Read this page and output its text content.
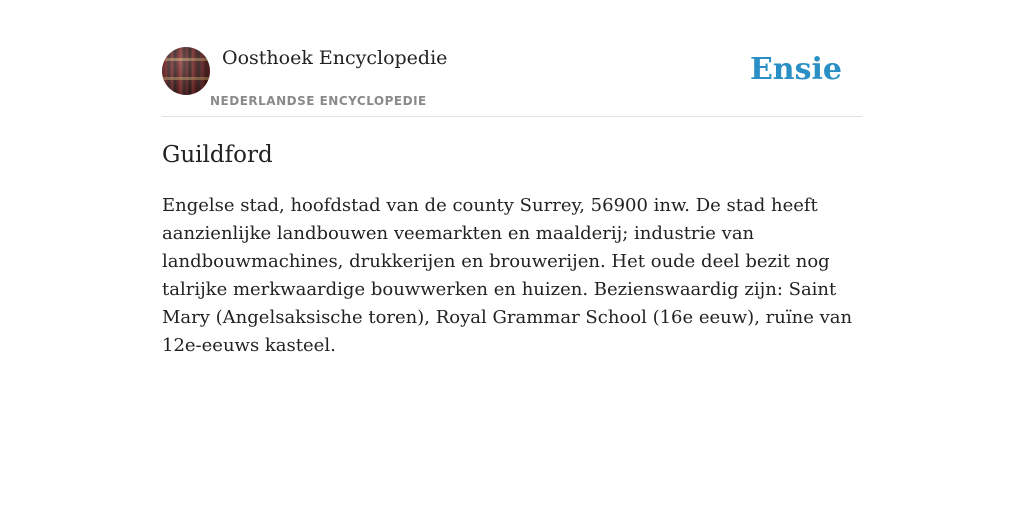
Oosthoek Encyclopedie
NEDERLANDSE ENCYCLOPEDIE
Ensie
Guildford

Engelse stad, hoofdstad van de county Surrey, 56900 inw. De stad heeft aanzienlijke landbouwen veemarkten en maalderij; industrie van landbouwmachines, drukkerijen en brouwerijen. Het oude deel bezit nog talrijke merkwaardige bouwwerken en huizen. Bezienswaardig zijn: Saint Mary (Angelsaksische toren), Royal Grammar School (16e eeuw), ruïne van 12e-eeuws kasteel.
